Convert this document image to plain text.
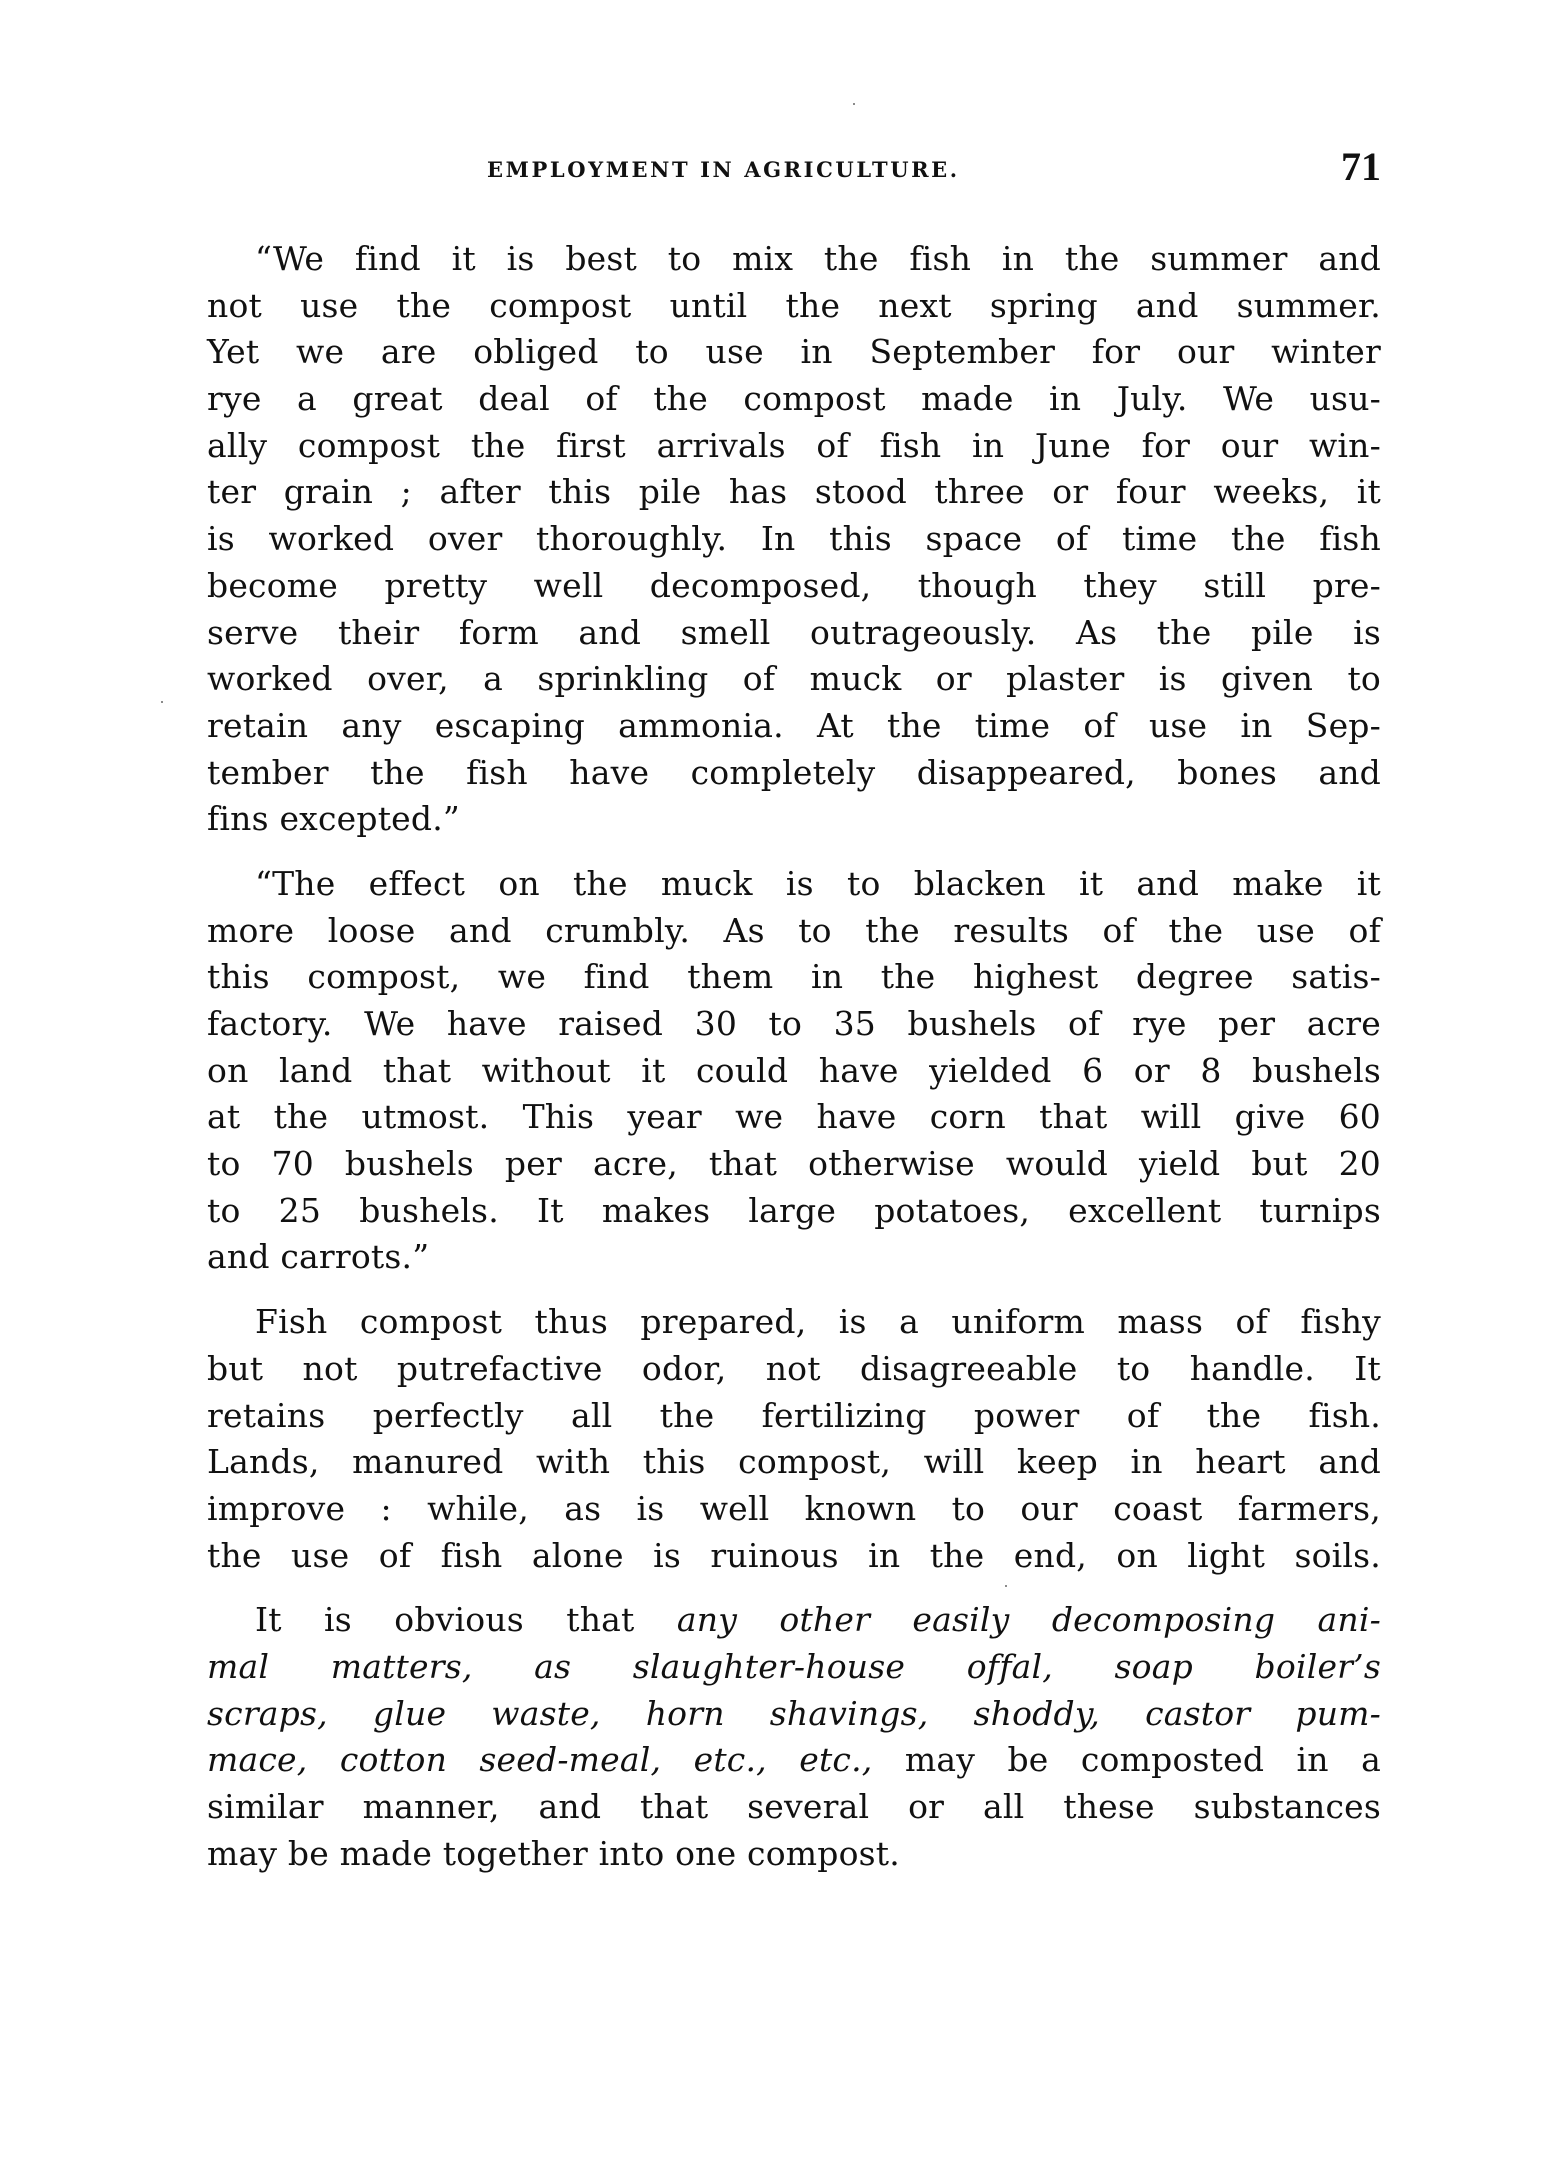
EMPLOYMENT IN AGRICULTURE.	71

“We find it is best to mix the fish in the summer and
not use the compost until the next spring and summer.
Yet we are obliged to use in September for our winter
rye a great deal of the compost made in July. We usu-
ally compost the first arrivals of fish in June for our win-
ter grain ; after this pile has stood three or four weeks, it
is worked over thoroughly. In this space of time the fish
become pretty well decomposed, though they still pre-
serve their form and smell outrageously. As the pile is
worked over, a sprinkling of muck or plaster is given to
retain any escaping ammonia. At the time of use in Sep-
tember the fish have completely disappeared, bones and
fins excepted.”

“The effect on the muck is to blacken it and make it
more loose and crumbly. As to the results of the use of
this compost, we find them in the highest degree satis-
factory. We have raised 30 to 35 bushels of rye per acre
on land that without it could have yielded 6 or 8 bushels
at the utmost. This year we have corn that will give 60
to 70 bushels per acre, that otherwise would yield but 20
to 25 bushels. It makes large potatoes, excellent turnips
and carrots.”

Fish compost thus prepared, is a uniform mass of fishy
but not putrefactive odor, not disagreeable to handle. It
retains perfectly all the fertilizing power of the fish.
Lands, manured with this compost, will keep in heart and
improve : while, as is well known to our coast farmers,
the use of fish alone is ruinous in the end, on light soils.

It is obvious that any other easily decomposing ani-
mal matters, as slaughter-house offal, soap boiler’s
scraps, glue waste, horn shavings, shoddy, castor pum-
mace, cotton seed-meal, etc., etc., may be composted in a
similar manner, and that several or all these substances
may be made together into one compost.
